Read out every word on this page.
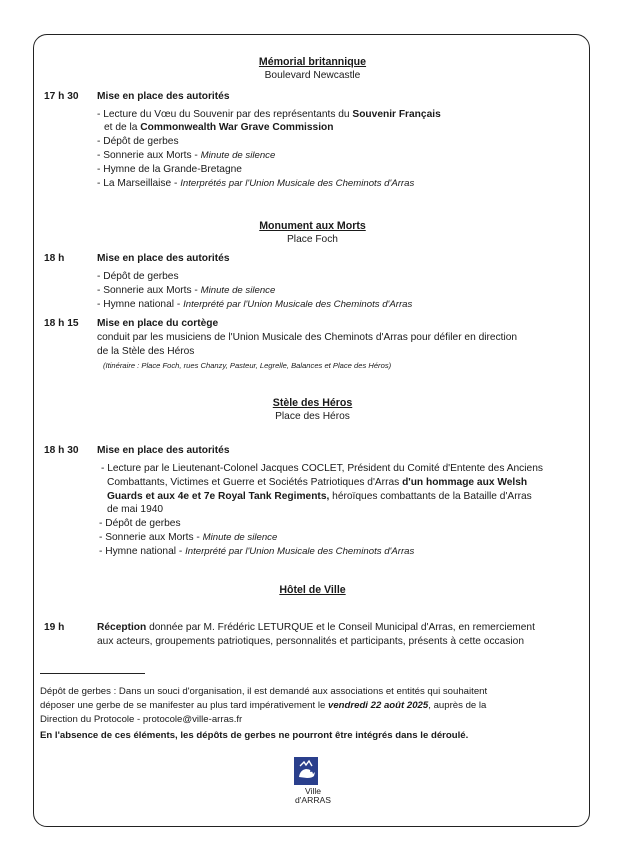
Mémorial britannique
Boulevard Newcastle
17 h 30 Mise en place des autorités
- Lecture du Vœu du Souvenir par des représentants du Souvenir Français
et de la Commonwealth War Grave Commission
- Dépôt de gerbes
- Sonnerie aux Morts - Minute de silence
- Hymne de la Grande-Bretagne
- La Marseillaise - Interprétés par l'Union Musicale des Cheminots d'Arras
Monument aux Morts
Place Foch
18 h	Mise en place des autorités
- Dépôt de gerbes
- Sonnerie aux Morts - Minute de silence
- Hymne national - Interprété par l'Union Musicale des Cheminots d'Arras
18 h 15 Mise en place du cortège
conduit par les musiciens de l'Union Musicale des Cheminots d'Arras pour défiler en direction
de la Stèle des Héros
(Itinéraire : Place Foch, rues Chanzy, Pasteur, Legrelle, Balances et Place des Héros)
Stèle des Héros
Place des Héros
18 h 30 Mise en place des autorités
- Lecture par le Lieutenant-Colonel Jacques COCLET, Président du Comité d'Entente des Anciens
Combattants, Victimes et Guerre et Sociétés Patriotiques d'Arras d'un hommage aux Welsh
Guards et aux 4e et 7e Royal Tank Regiments, héroïques combattants de la Bataille d'Arras
de mai 1940
- Dépôt de gerbes
- Sonnerie aux Morts - Minute de silence
- Hymne national - Interprété par l'Union Musicale des Cheminots d'Arras
Hôtel de Ville
19 h	Réception donnée par M. Frédéric LETURQUE et le Conseil Municipal d'Arras, en remerciement
aux acteurs, groupements patriotiques, personnalités et participants, présents à cette occasion
Dépôt de gerbes : Dans un souci d'organisation, il est demandé aux associations et entités qui souhaitent
déposer une gerbe de se manifester au plus tard impérativement le vendredi 22 août 2025, auprès de la
Direction du Protocole - protocole@ville-arras.fr
En l'absence de ces éléments, les dépôts de gerbes ne pourront être intégrés dans le déroulé.
Ville
d'ARRAS
